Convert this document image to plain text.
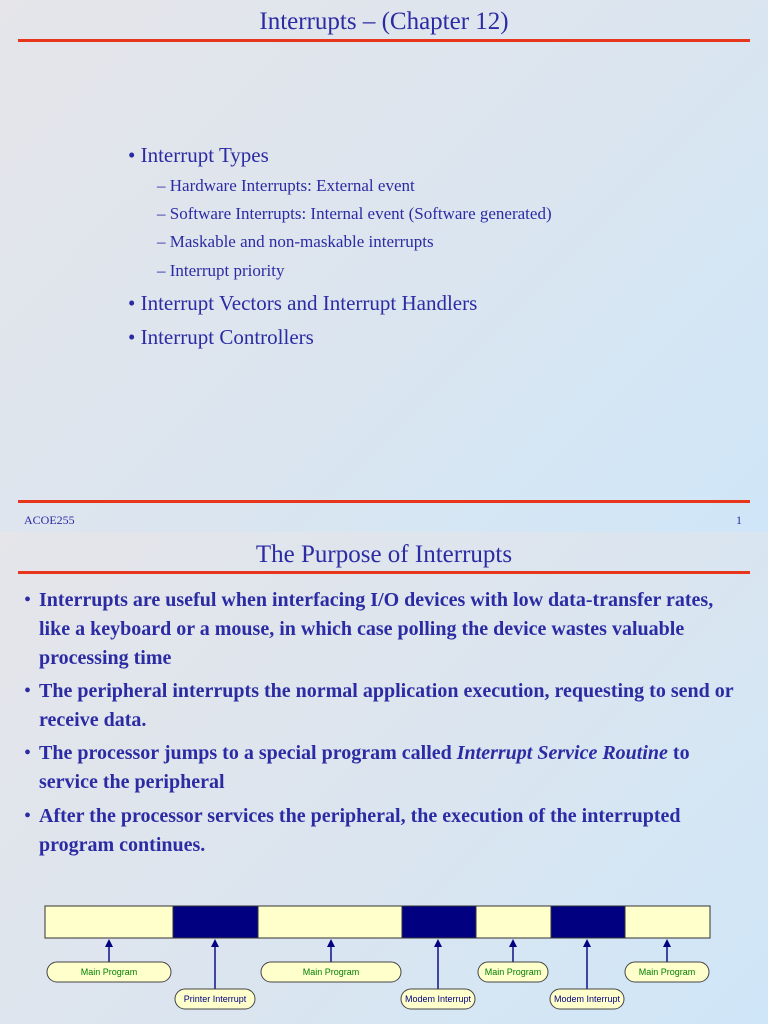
Interrupts – (Chapter 12)
• Interrupt Types
– Hardware Interrupts: External event
– Software Interrupts: Internal event (Software generated)
– Maskable and non-maskable interrupts
– Interrupt priority
• Interrupt Vectors and Interrupt Handlers
• Interrupt Controllers
ACOE255	1
The Purpose of Interrupts
• Interrupts are useful when interfacing I/O devices with low data-transfer rates, like a keyboard or a mouse, in which case polling the device wastes valuable processing time
• The peripheral interrupts the normal application execution, requesting to send or receive data.
• The processor jumps to a special program called Interrupt Service Routine to service the peripheral
• After the processor services the peripheral, the execution of the interrupted program continues.
Main Program
Printer Interrupt
Main Program
Modem Interrupt
Main Program
Modem Interrupt
Main Program
